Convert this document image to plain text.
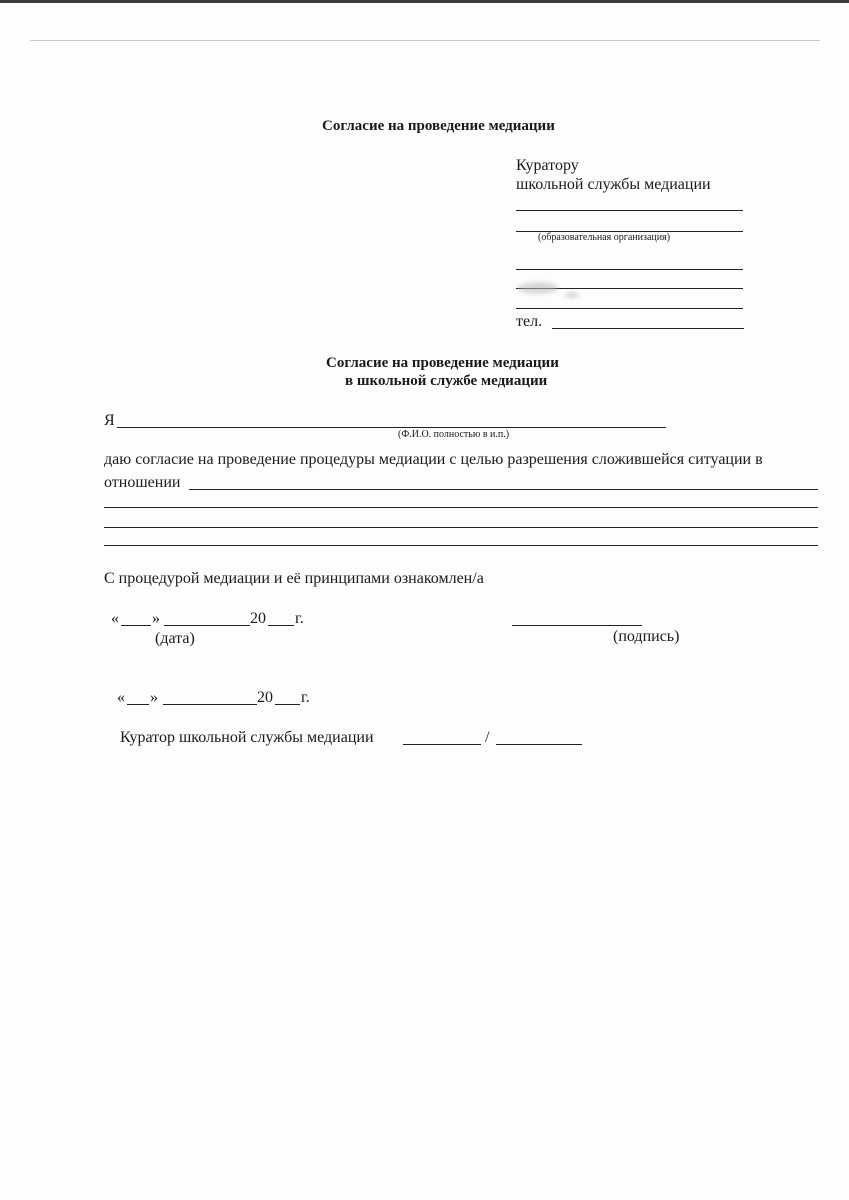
Согласие на проведение медиации
Куратору
школьной службы медиации
(образовательная организация)
тел.
Согласие на проведение медиации
в школьной службе медиации
Я
(Ф.И.О. полностью в и.п.)
даю согласие на проведение процедуры медиации с целью разрешения сложившейся ситуации в
отношении
С процедурой медиации и её принципами ознакомлен/а
« »	20 г.
(дата)	(подпись)
« »	20 г.
Куратор школьной службы медиации	/
